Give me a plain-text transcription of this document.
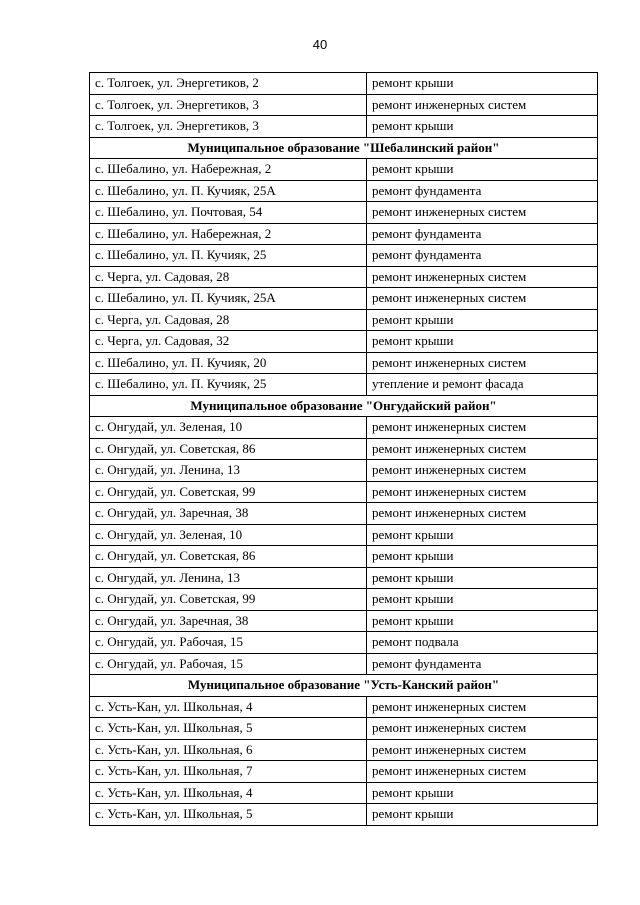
40
с. Толгоек, ул. Энергетиков, 2	ремонт крыши
с. Толгоек, ул. Энергетиков, 3	ремонт инженерных систем
с. Толгоек, ул. Энергетиков, 3	ремонт крыши
Муниципальное образование "Шебалинский район"	
с. Шебалино, ул. Набережная, 2	ремонт крыши
с. Шебалино, ул. П. Кучияк, 25А	ремонт фундамента
с. Шебалино, ул. Почтовая, 54	ремонт инженерных систем
с. Шебалино, ул. Набережная, 2	ремонт фундамента
с. Шебалино, ул. П. Кучияк, 25	ремонт фундамента
с. Черга, ул. Садовая, 28	ремонт инженерных систем
с. Шебалино, ул. П. Кучияк, 25А	ремонт инженерных систем
с. Черга, ул. Садовая, 28	ремонт крыши
с. Черга, ул. Садовая, 32	ремонт крыши
с. Шебалино, ул. П. Кучияк, 20	ремонт инженерных систем
с. Шебалино, ул. П. Кучияк, 25	утепление и ремонт фасада
Муниципальное образование "Онгудайский район"	
с. Онгудай, ул. Зеленая, 10	ремонт инженерных систем
с. Онгудай, ул. Советская, 86	ремонт инженерных систем
с. Онгудай, ул. Ленина, 13	ремонт инженерных систем
с. Онгудай, ул. Советская, 99	ремонт инженерных систем
с. Онгудай, ул. Заречная, 38	ремонт инженерных систем
с. Онгудай, ул. Зеленая, 10	ремонт крыши
с. Онгудай, ул. Советская, 86	ремонт крыши
с. Онгудай, ул. Ленина, 13	ремонт крыши
с. Онгудай, ул. Советская, 99	ремонт крыши
с. Онгудай, ул. Заречная, 38	ремонт крыши
с. Онгудай, ул. Рабочая, 15	ремонт подвала
с. Онгудай, ул. Рабочая, 15	ремонт фундамента
Муниципальное образование "Усть-Канский район"	
с. Усть-Кан, ул. Школьная, 4	ремонт инженерных систем
с. Усть-Кан, ул. Школьная, 5	ремонт инженерных систем
с. Усть-Кан, ул. Школьная, 6	ремонт инженерных систем
с. Усть-Кан, ул. Школьная, 7	ремонт инженерных систем
с. Усть-Кан, ул. Школьная, 4	ремонт крыши
с. Усть-Кан, ул. Школьная, 5	ремонт крыши
